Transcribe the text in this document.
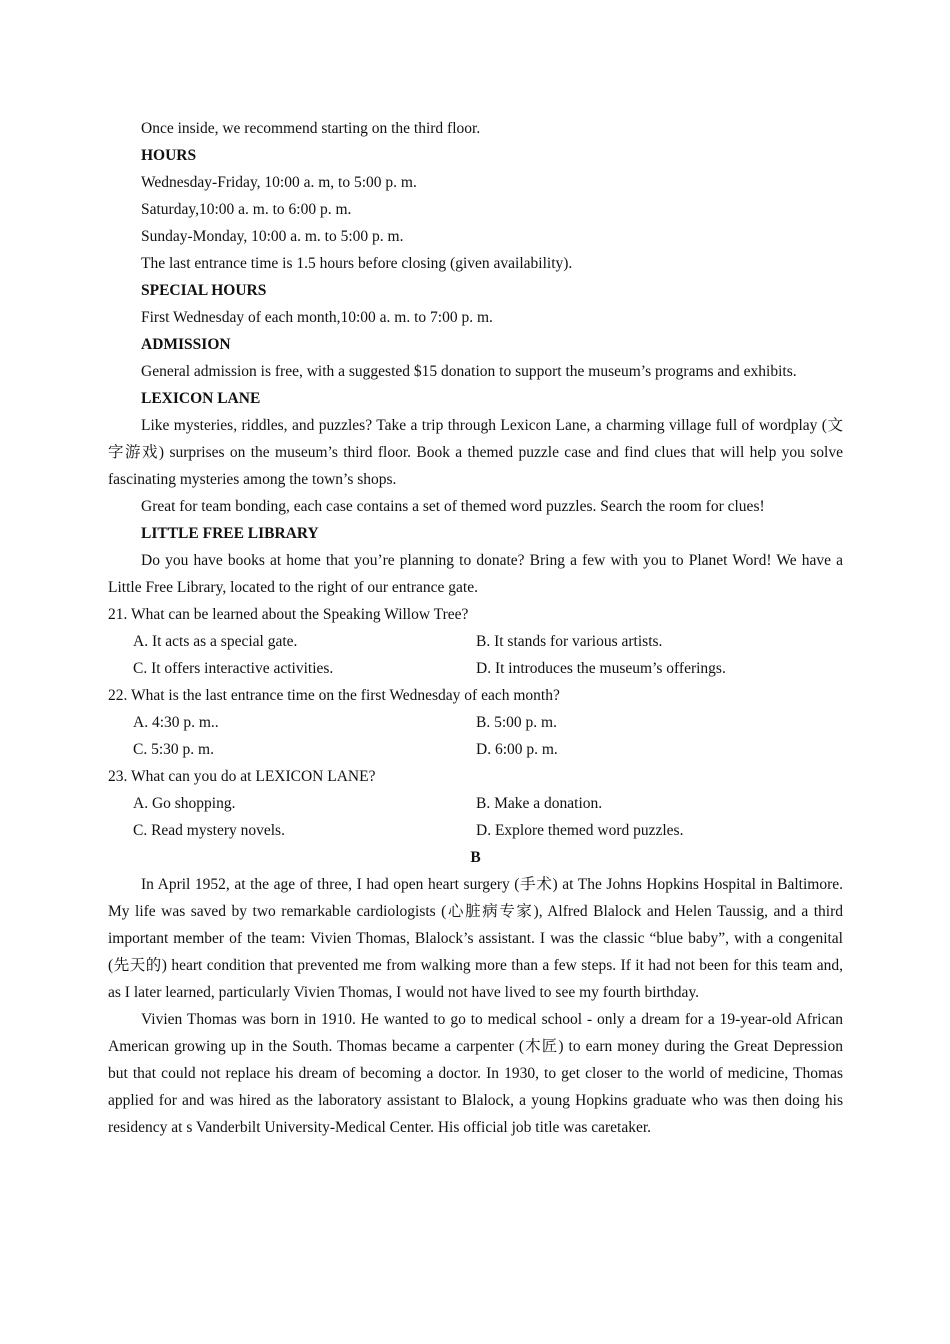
Once inside, we recommend starting on the third floor.

HOURS

Wednesday-Friday, 10:00 a. m, to 5:00 p. m.

Saturday,10:00 a. m. to 6:00 p. m.

Sunday-Monday, 10:00 a. m. to 5:00 p. m.

The last entrance time is 1.5 hours before closing (given availability).

SPECIAL HOURS

First Wednesday of each month,10:00 a. m. to 7:00 p. m.

ADMISSION

General admission is free, with a suggested $15 donation to support the museum’s programs and exhibits.

LEXICON LANE

Like mysteries, riddles, and puzzles? Take a trip through Lexicon Lane, a charming village full of wordplay (文字游戏) surprises on the museum’s third floor. Book a themed puzzle case and find clues that will help you solve fascinating mysteries among the town’s shops.

Great for team bonding, each case contains a set of themed word puzzles. Search the room for clues!

LITTLE FREE LIBRARY

Do you have books at home that you’re planning to donate? Bring a few with you to Planet Word! We have a Little Free Library, located to the right of our entrance gate.

21. What can be learned about the Speaking Willow Tree?

A. It acts as a special gate.	B. It stands for various artists.
C. It offers interactive activities.	D. It introduces the museum’s offerings.

22. What is the last entrance time on the first Wednesday of each month?

A. 4:30 p. m..	B. 5:00 p. m.
C. 5:30 p. m.	D. 6:00 p. m.

23. What can you do at LEXICON LANE?

A. Go shopping.	B. Make a donation.
C. Read mystery novels.	D. Explore themed word puzzles.

B

In April 1952, at the age of three, I had open heart surgery (手术) at The Johns Hopkins Hospital in Baltimore. My life was saved by two remarkable cardiologists (心脏病专家), Alfred Blalock and Helen Taussig, and a third important member of the team: Vivien Thomas, Blalock’s assistant. I was the classic “blue baby”, with a congenital (先天的) heart condition that prevented me from walking more than a few steps. If it had not been for this team and, as I later learned, particularly Vivien Thomas, I would not have lived to see my fourth birthday.

Vivien Thomas was born in 1910. He wanted to go to medical school - only a dream for a 19-year-old African American growing up in the South. Thomas became a carpenter (木匠) to earn money during the Great Depression but that could not replace his dream of becoming a doctor. In 1930, to get closer to the world of medicine, Thomas applied for and was hired as the laboratory assistant to Blalock, a young Hopkins graduate who was then doing his residency at s Vanderbilt University-Medical Center. His official job title was caretaker.
